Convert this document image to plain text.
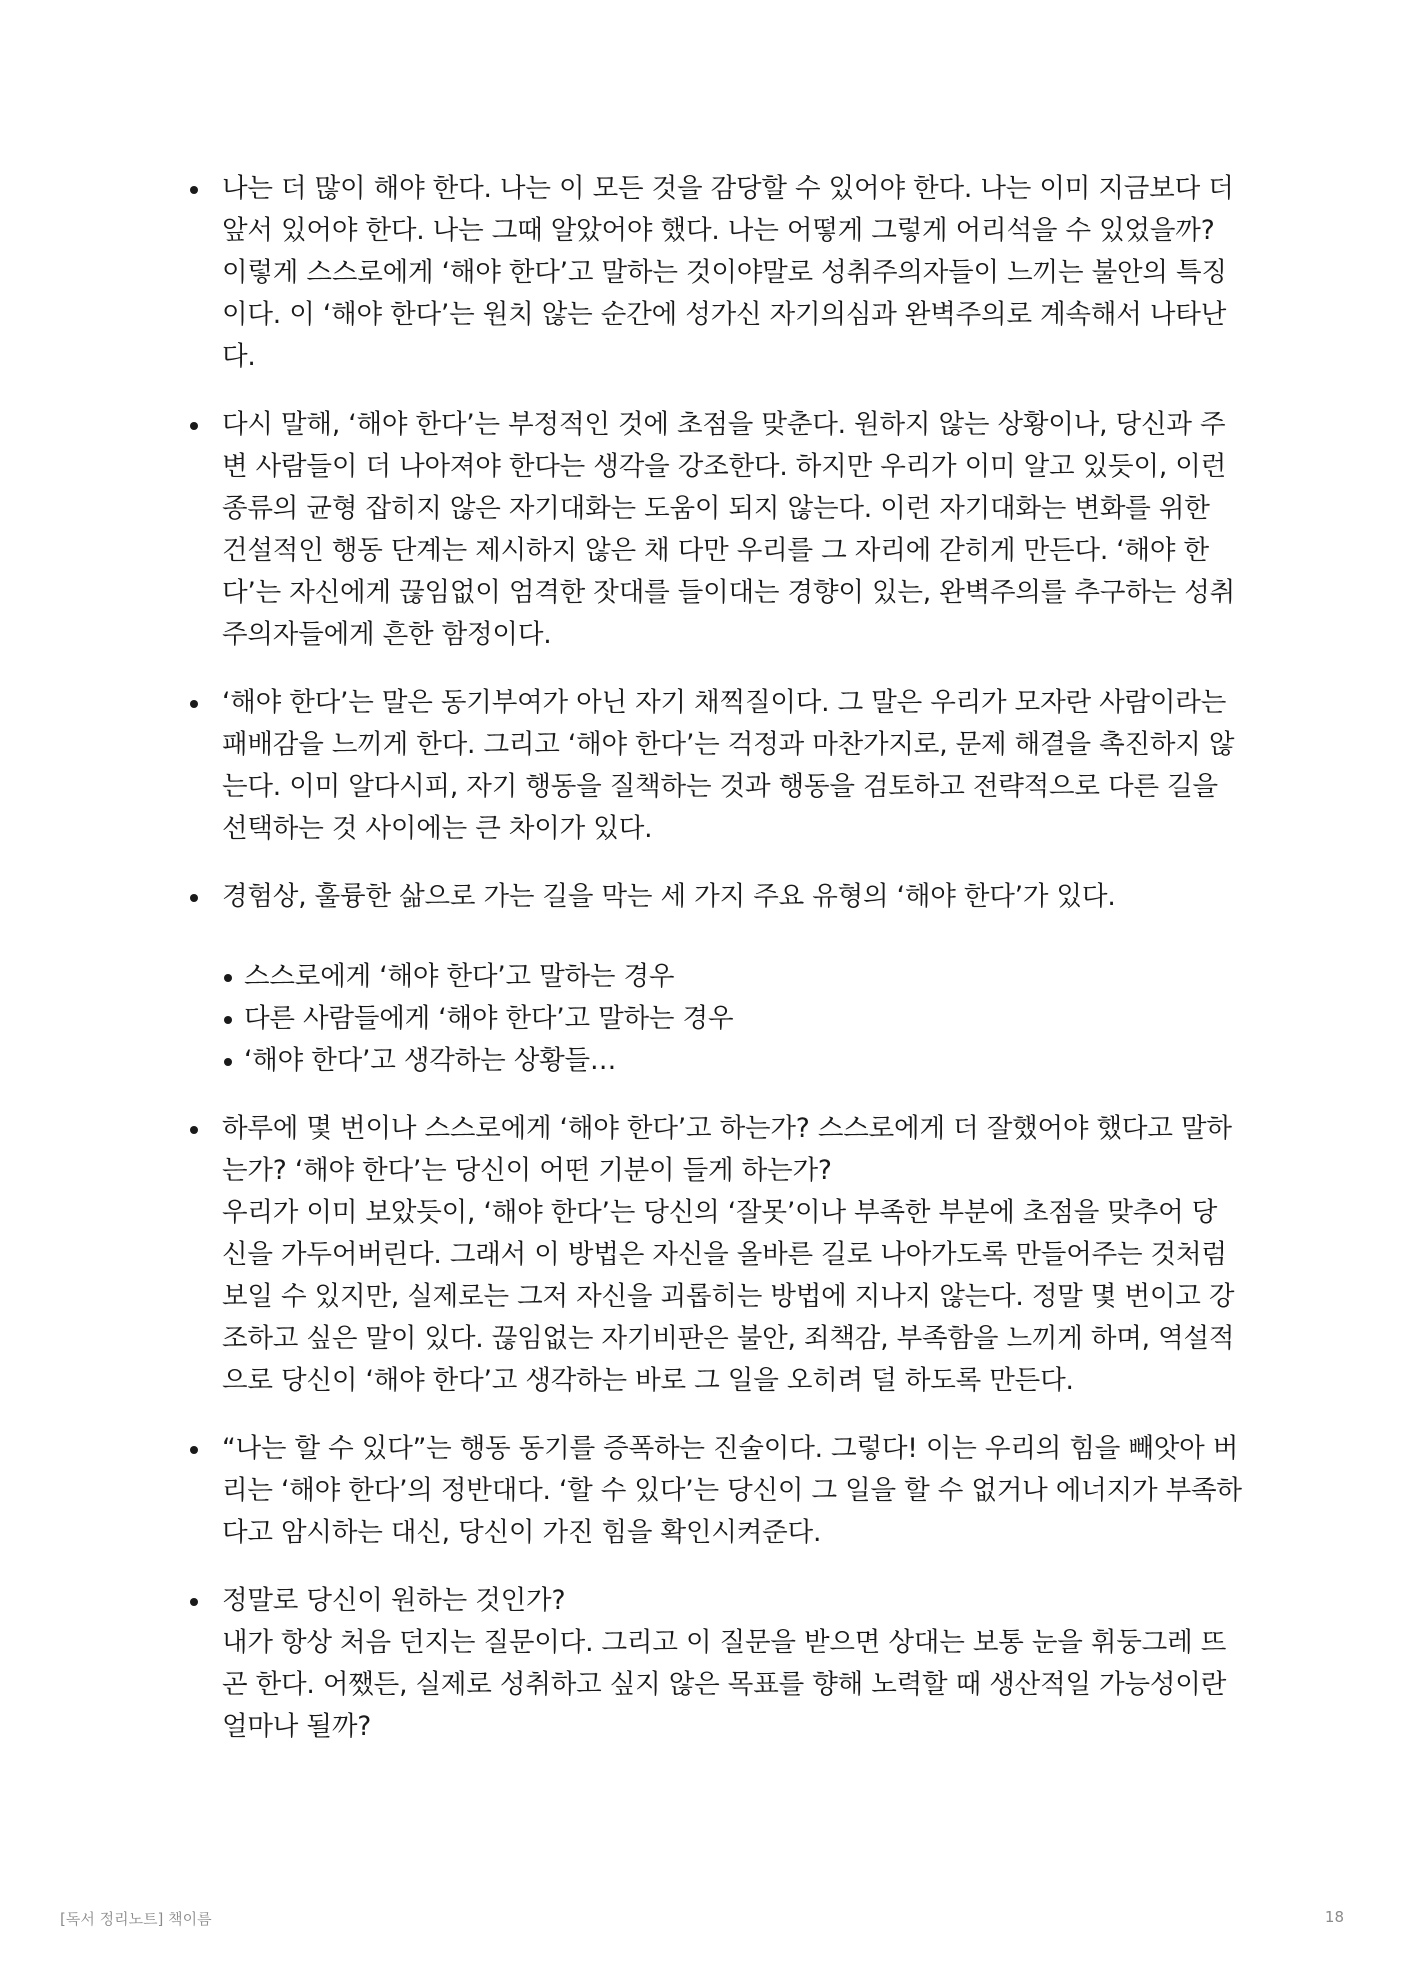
나는 더 많이 해야 한다. 나는 이 모든 것을 감당할 수 있어야 한다. 나는 이미 지금보다 더 앞서 있어야 한다. 나는 그때 알았어야 했다. 나는 어떻게 그렇게 어리석을 수 있었을까?

이렇게 스스로에게 ‘해야 한다’고 말하는 것이야말로 성취주의자들이 느끼는 불안의 특징이다. 이 ‘해야 한다’는 원치 않는 순간에 성가신 자기의심과 완벽주의로 계속해서 나타난다.

다시 말해, ‘해야 한다’는 부정적인 것에 초점을 맞춘다. 원하지 않는 상황이나, 당신과 주변 사람들이 더 나아져야 한다는 생각을 강조한다. 하지만 우리가 이미 알고 있듯이, 이런 종류의 균형 잡히지 않은 자기대화는 도움이 되지 않는다. 이런 자기대화는 변화를 위한 건설적인 행동 단계는 제시하지 않은 채 다만 우리를 그 자리에 갇히게 만든다. ‘해야 한다’는 자신에게 끊임없이 엄격한 잣대를 들이대는 경향이 있는, 완벽주의를 추구하는 성취주의자들에게 흔한 함정이다.

‘해야 한다’는 말은 동기부여가 아닌 자기 채찍질이다. 그 말은 우리가 모자란 사람이라는 패배감을 느끼게 한다. 그리고 ‘해야 한다’는 걱정과 마찬가지로, 문제 해결을 촉진하지 않는다. 이미 알다시피, 자기 행동을 질책하는 것과 행동을 검토하고 전략적으로 다른 길을 선택하는 것 사이에는 큰 차이가 있다.

경험상, 훌륭한 삶으로 가는 길을 막는 세 가지 주요 유형의 ‘해야 한다’가 있다.

스스로에게 ‘해야 한다’고 말하는 경우
다른 사람들에게 ‘해야 한다’고 말하는 경우
‘해야 한다’고 생각하는 상황들…

하루에 몇 번이나 스스로에게 ‘해야 한다’고 하는가? 스스로에게 더 잘했어야 했다고 말하는가? ‘해야 한다’는 당신이 어떤 기분이 들게 하는가?

우리가 이미 보았듯이, ‘해야 한다’는 당신의 ‘잘못’이나 부족한 부분에 초점을 맞추어 당신을 가두어버린다. 그래서 이 방법은 자신을 올바른 길로 나아가도록 만들어주는 것처럼 보일 수 있지만, 실제로는 그저 자신을 괴롭히는 방법에 지나지 않는다. 정말 몇 번이고 강조하고 싶은 말이 있다. 끊임없는 자기비판은 불안, 죄책감, 부족함을 느끼게 하며, 역설적으로 당신이 ‘해야 한다’고 생각하는 바로 그 일을 오히려 덜 하도록 만든다.

“나는 할 수 있다”는 행동 동기를 증폭하는 진술이다. 그렇다! 이는 우리의 힘을 빼앗아 버리는 ‘해야 한다’의 정반대다. ‘할 수 있다’는 당신이 그 일을 할 수 없거나 에너지가 부족하다고 암시하는 대신, 당신이 가진 힘을 확인시켜준다.

정말로 당신이 원하는 것인가?

내가 항상 처음 던지는 질문이다. 그리고 이 질문을 받으면 상대는 보통 눈을 휘둥그레 뜨곤 한다. 어쨌든, 실제로 성취하고 싶지 않은 목표를 향해 노력할 때 생산적일 가능성이란 얼마나 될까?

[독서 정리노트] 책이름	18
